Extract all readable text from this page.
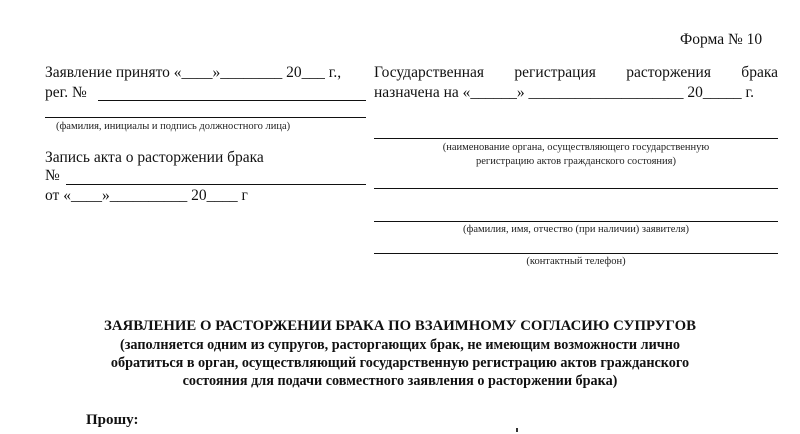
Форма № 10
Заявление принято «____»________ 20___ г.,
рег. №
(фамилия, инициалы и подпись должностного лица)
Запись акта о расторжении брака
№
от «____»__________ 20____ г
Государственная регистрация расторжения брака
назначена на «______» ____________________ 20_____ г.
(наименование органа, осуществляющего государственную
регистрацию актов гражданского состояния)
(фамилия, имя, отчество (при наличии) заявителя)
(контактный телефон)
ЗАЯВЛЕНИЕ О РАСТОРЖЕНИИ БРАКА ПО ВЗАИМНОМУ СОГЛАСИЮ СУПРУГОВ
(заполняется одним из супругов, расторгающих брак, не имеющим возможности лично
обратиться в орган, осуществляющий государственную регистрацию актов гражданского
состояния для подачи совместного заявления о расторжении брака)
Прошу:
